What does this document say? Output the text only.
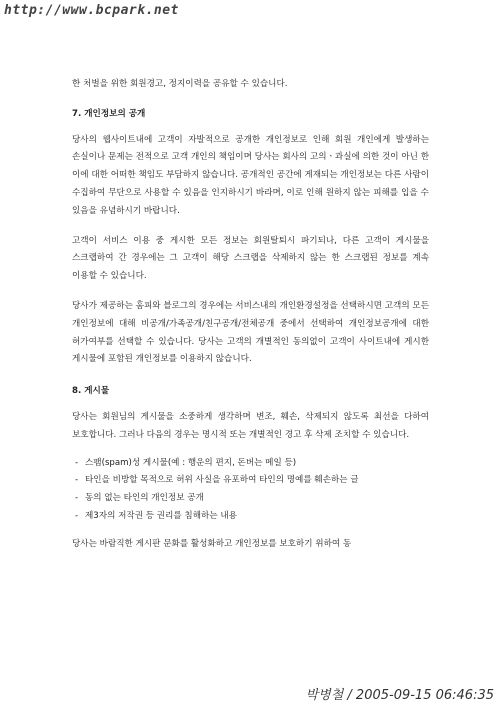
http://www.bcpark.net

한 처벌을 위한 회원경고, 정지이력을 공유할 수 있습니다.

7. 개인정보의 공개

당사의 웹사이트내에 고객이 자발적으로 공개한 개인정보로 인해 회원 개인에게 발생하는 손실이나 문제는 전적으로 고객 개인의 책임이며 당사는 회사의 고의ㆍ과실에 의한 것이 아닌 한 이에 대한 어떠한 책임도 부담하지 않습니다. 공개적인 공간에 게재되는 개인정보는 다른 사람이 수집하여 무단으로 사용할 수 있음을 인지하시기 바라며, 이로 인해 원하지 않는 피해를 입을 수 있음을 유념하시기 바랍니다.

고객이 서비스 이용 중 게시한 모든 정보는 회원탈퇴시 파기되나, 다른 고객이 게시물을 스크랩하여 간 경우에는 그 고객이 해당 스크랩을 삭제하지 않는 한 스크랩된 정보를 계속 이용할 수 있습니다.

당사가 제공하는 홈피와 블로그의 경우에는 서비스내의 개인환경설정을 선택하시면 고객의 모든 개인정보에 대해 비공개/가족공개/친구공개/전체공개 중에서 선택하여 개인정보공개에 대한 허가여부를 선택할 수 있습니다. 당사는 고객의 개별적인 동의없이 고객이 사이트내에 게시한 게시물에 포함된 개인정보를 이용하지 않습니다.

8. 게시물

당사는 회원님의 게시물을 소중하게 생각하며 변조, 훼손, 삭제되지 않도록 최선을 다하여 보호합니다. 그러나 다음의 경우는 명시적 또는 개별적인 경고 후 삭제 조치할 수 있습니다.

- 스팸(spam)성 게시물(예 : 행운의 편지, 돈버는 메일 등)
- 타인을 비방할 목적으로 허위 사실을 유포하여 타인의 명예를 훼손하는 글
- 동의 없는 타인의 개인정보 공개
- 제3자의 저작권 등 권리를 침해하는 내용

당사는 바람직한 게시판 문화를 활성화하고 개인정보를 보호하기 위하여 동

박병철 / 2005-09-15 06:46:35
